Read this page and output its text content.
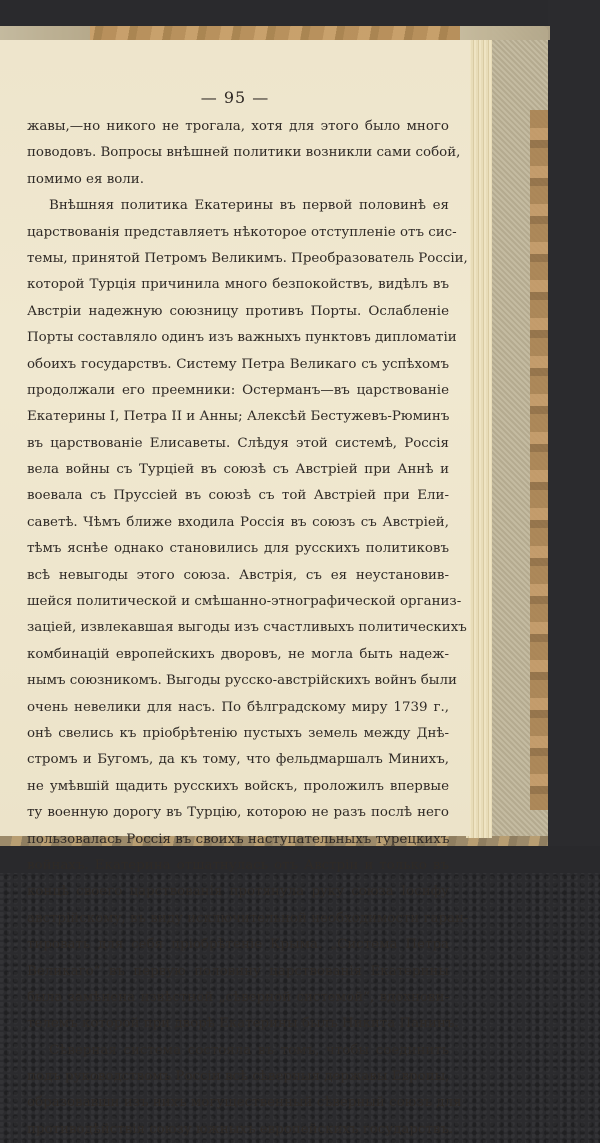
— 95 —
жавы,—но никого не трогала, хотя для этого было много
поводовъ. Вопросы внѣшней политики возникли сами собой,
помимо ея воли.
Внѣшняя политика Екатерины въ первой половинѣ ея
царствованія представляетъ нѣкоторое отступленіе отъ сис-
темы, принятой Петромъ Великимъ. Преобразователь Россіи,
которой Турція причинила много безпокойствъ, видѣлъ въ
Австріи надежную союзницу противъ Порты. Ослабленіе
Порты составляло одинъ изъ важныхъ пунктовъ дипломатіи
обоихъ государствъ. Систему Петра Великаго съ успѣхомъ
продолжали его преемники: Остерманъ—въ царствованіе
Екатерины I, Петра II и Анны; Алексѣй Бестужевъ-Рюминъ
въ царствованіе Елисаветы. Слѣдуя этой системѣ, Россія
вела войны съ Турціей въ союзѣ съ Австріей при Аннѣ и
воевала съ Пруссіей въ союзѣ съ той Австріей при Ели-
саветѣ. Чѣмъ ближе входила Россія въ союзъ съ Австріей,
тѣмъ яснѣе однако становились для русскихъ политиковъ
всѣ невыгоды этого союза. Австрія, съ ея неустановив-
шейся политической и смѣшанно-этнографической организ-
заціей, извлекавшая выгоды изъ счастливыхъ политическихъ
комбинацій европейскихъ дворовъ, не могла быть надеж-
нымъ союзникомъ. Выгоды русско-австрійскихъ войнъ были
очень невелики для насъ. По бѣлградскому миру 1739 г.,
онѣ свелись къ пріобрѣтенію пустыхъ земель между Днѣ-
стромъ и Бугомъ, да къ тому, что фельдмаршалъ Минихъ,
не умѣвшій щадить русскихъ войскъ, проложилъ впервые
ту военную дорогу въ Турцію, которою не разъ послѣ него
пользовалась Россія въ своихъ наступательныхъ турецкихъ
войнахъ. Екатерина отшатнулась отъ Австріи и только въ
концѣ своего царствованія протянула руку союза Іосифу
австрійскому, въ виду исключительной необходимости гаран-
тировать для себя пріобрѣтеніе Крыма. „Система Петра
Великаго“ въ первую половину царствованія Екатерины
была замѣнена извѣстной „сѣверной системой“, вдохнови-
телемъ которой при дворѣ Екатерины былъ Никита Панинъ.
Сѣверная система состояла въ томъ, чтобы соединить
подъ руководствомъ Россіи всѣ сѣверныя державы Европы,
образовавши изъ нихъ могущественный сѣверный союзъ для
противодѣйствія союзу южныхъ европейскихъ государствъ.
